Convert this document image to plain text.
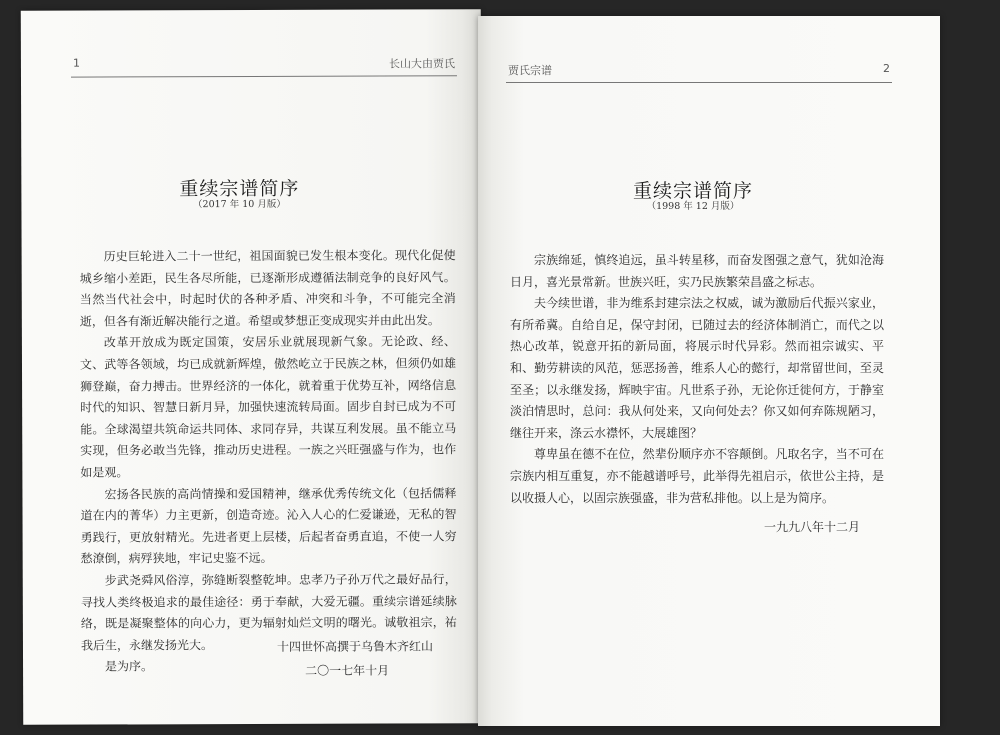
1	长山大由贾氏
重续宗谱简序
（2017 年 10 月版）

历史巨轮进入二十一世纪，祖国面貌已发生根本变化。现代化促使城乡缩小差距，民生各尽所能，已逐渐形成遵循法制竞争的良好风气。当然当代社会中，时起时伏的各种矛盾、冲突和斗争，不可能完全消逝，但各有渐近解决能行之道。希望或梦想正变成现实并由此出发。

改革开放成为既定国策，安居乐业就展现新气象。无论政、经、文、武等各领域，均已成就新辉煌，傲然屹立于民族之林，但须仍如雄狮登巅，奋力搏击。世界经济的一体化，就着重于优势互补，网络信息时代的知识、智慧日新月异，加强快速流转局面。固步自封已成为不可能。全球渴望共筑命运共同体、求同存异，共谋互利发展。虽不能立马实现，但务必敢当先锋，推动历史进程。一族之兴旺强盛与作为，也作如是观。

宏扬各民族的高尚情操和爱国精神，继承优秀传统文化（包括儒释道在内的菁华）力主更新，创造奇迹。沁入人心的仁爱谦逊，无私的智勇践行，更放射精光。先进者更上层楼，后起者奋勇直追，不使一人穷愁潦倒，病殍狭地，牢记史鉴不远。

步武尧舜风俗淳，弥缝断裂整乾坤。忠孝乃子孙万代之最好品行，寻找人类终极追求的最佳途径：勇于奉献，大爱无疆。重续宗谱延续脉络，既是凝聚整体的向心力，更为辐射灿烂文明的曙光。诚敬祖宗，祐我后生，永继发扬光大。

是为序。

十四世怀高撰于乌鲁木齐红山
二〇一七年十月
贾氏宗谱	2
重续宗谱简序
（1998 年 12 月版）

宗族绵延，慎终追远，虽斗转星移，而奋发图强之意气，犹如沧海日月，喜光景常新。世族兴旺，实乃民族繁荣昌盛之标志。

夫今续世谱，非为维系封建宗法之权威，诚为激励后代振兴家业，有所希冀。自给自足，保守封闭，已随过去的经济体制消亡，而代之以热心改革，锐意开拓的新局面，将展示时代异彩。然而祖宗诚实、平和、勤劳耕读的风范，惩恶扬善，维系人心的懿行，却常留世间，至灵至圣；以永继发扬，辉映宇宙。凡世系子孙，无论你迁徙何方，于静室淡泊情思时，总问：我从何处来，又向何处去？你又如何弃陈规陋习，继往开来，涤云水襟怀，大展雄图？

尊卑虽在德不在位，然辈份顺序亦不容颠倒。凡取名字，当不可在宗族内相互重复，亦不能越谱呼号，此举得先祖启示，依世公主持，是以收摄人心，以固宗族强盛，非为营私排他。以上是为简序。

一九九八年十二月
